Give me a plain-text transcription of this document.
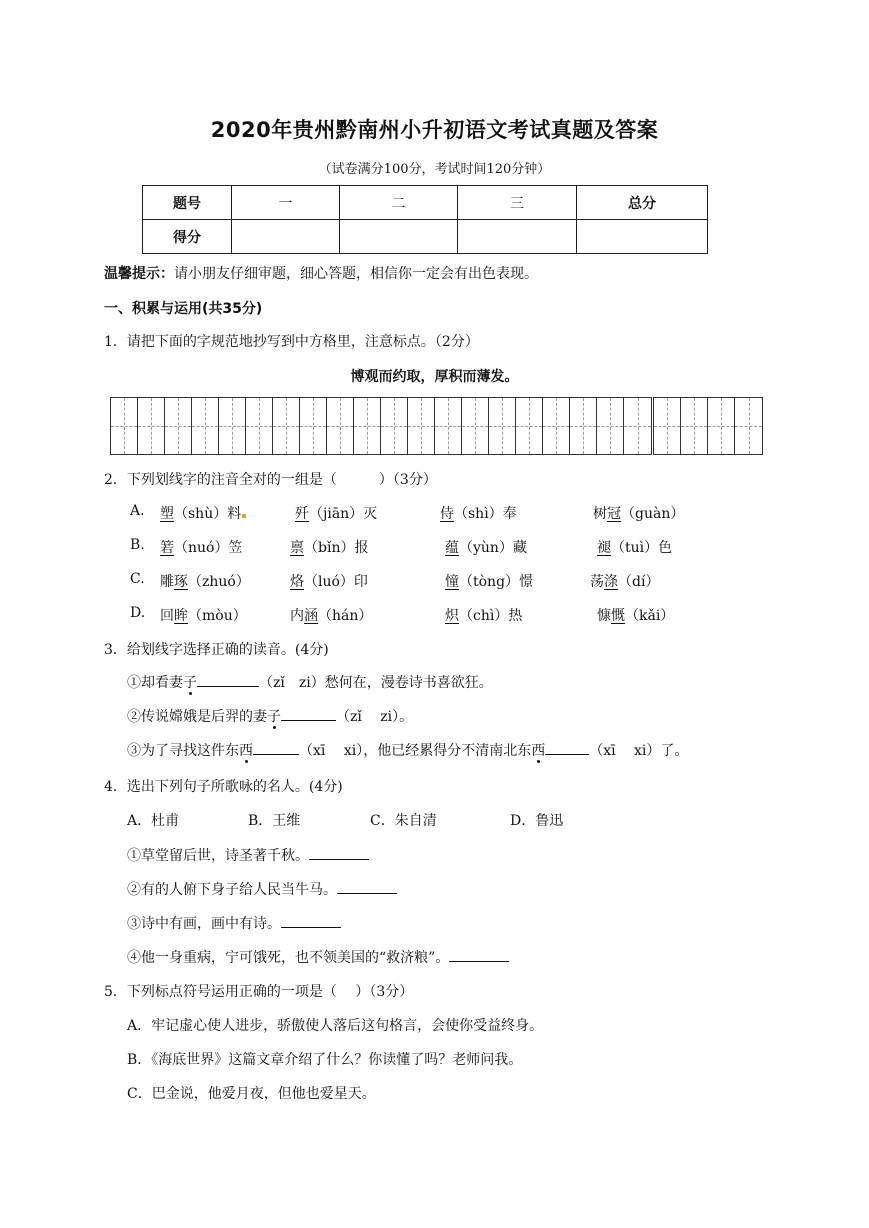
2020年贵州黔南州小升初语文考试真题及答案
（试卷满分100分，考试时间120分钟）
题号	一	二	三	总分
得分				
温馨提示：请小朋友仔细审题，细心答题，相信你一定会有出色表现。
一、积累与运用(共35分)
1．请把下面的字规范地抄写到中方格里，注意标点。（2分）
博观而约取，厚积而薄发。
2．下列划线字的注音全对的一组是（　　　）（3分）
A. 塑（shù）料	歼（jiān）灭	侍（shì）奉	树冠（guàn）
B. 箬（nuó）笠	禀（bǐn）报	蕴（yùn）藏	褪（tuì）色
C. 雕琢（zhuó）	烙（luó）印	憧（tòng）憬	荡涤（dí）
D. 回眸（mòu）	内涵（hán）	炽（chì）热	慷慨（kǎi）
3．给划线字选择正确的读音。(4分)
①却看妻子	（zǐ　zi）愁何在，漫卷诗书喜欲狂。
②传说嫦娥是后羿的妻子	（zǐ　 zi）。
③为了寻找这件东西	（xī　 xi），他已经累得分不清南北东西	（xī　 xi）了。
4．选出下列句子所歌咏的名人。(4分)
A．杜甫	B．王维	C．朱自清	D．鲁迅
①草堂留后世，诗圣著千秋。
②有的人俯下身子给人民当牛马。
③诗中有画，画中有诗。
④他一身重病，宁可饿死，也不领美国的“救济粮”。
5．下列标点符号运用正确的一项是（　 ）（3分）
A．牢记虚心使人进步，骄傲使人落后这句格言，会使你受益终身。
B．《海底世界》这篇文章介绍了什么？你读懂了吗？老师问我。
C．巴金说，他爱月夜，但他也爱星天。
